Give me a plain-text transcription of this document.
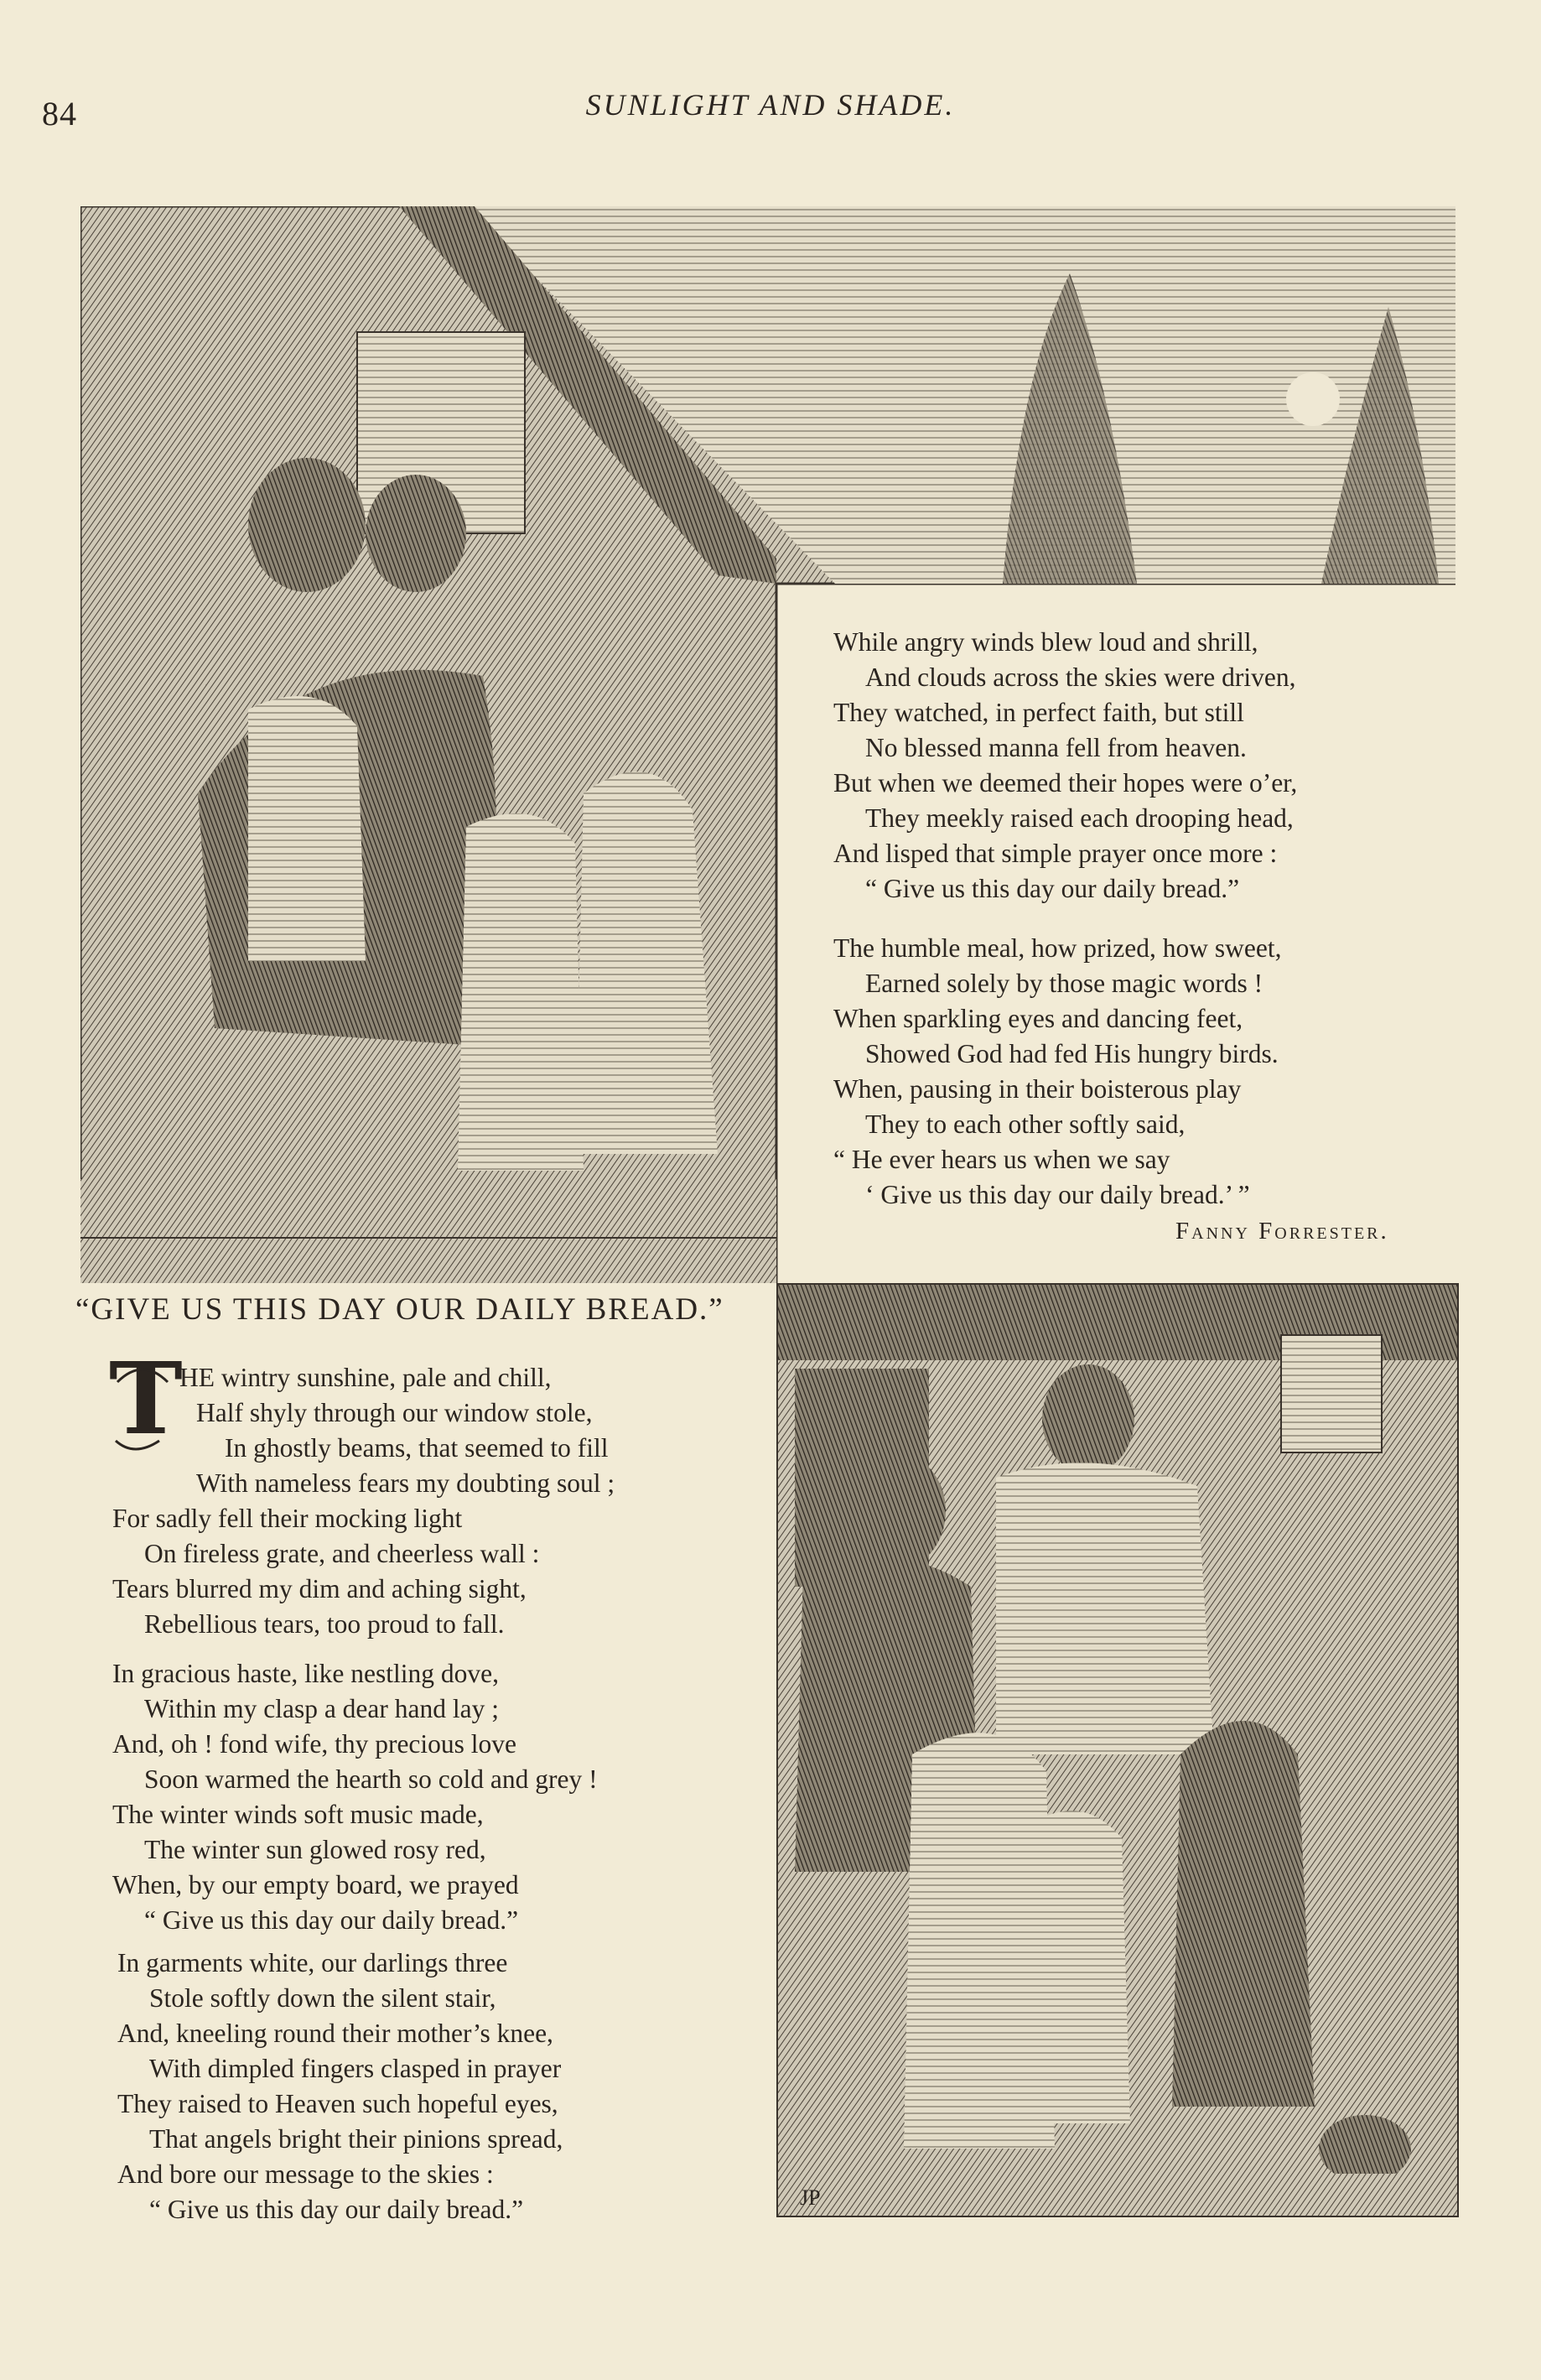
84	SUNLIGHT AND SHADE.
Fanny Forrester.
“GIVE US THIS DAY OUR DAILY BREAD.”
T
HE wintry sunshine, pale and chill,
Half shyly through our window stole,
In ghostly beams, that seemed to fill
With nameless fears my doubting soul ;
For sadly fell their mocking light
On fireless grate, and cheerless wall :
Tears blurred my dim and aching sight,
Rebellious tears, too proud to fall.
In gracious haste, like nestling dove,
Within my clasp a dear hand lay ;
And, oh ! fond wife, thy precious love
Soon warmed the hearth so cold and grey !
The winter winds soft music made,
The winter sun glowed rosy red,
When, by our empty board, we prayed
“ Give us this day our daily bread.”
In garments white, our darlings three
Stole softly down the silent stair,
And, kneeling round their mother’s knee,
With dimpled fingers clasped in prayer
They raised to Heaven such hopeful eyes,
That angels bright their pinions spread,
And bore our message to the skies :
“ Give us this day our daily bread.”
While angry winds blew loud and shrill,
And clouds across the skies were driven,
They watched, in perfect faith, but still
No blessed manna fell from heaven.
But when we deemed their hopes were o’er,
They meekly raised each drooping head,
And lisped that simple prayer once more :
“ Give us this day our daily bread.”
The humble meal, how prized, how sweet,
Earned solely by those magic words !
When sparkling eyes and dancing feet,
Showed God had fed His hungry birds.
When, pausing in their boisterous play
They to each other softly said,
“ He ever hears us when we say
‘ Give us this day our daily bread.’ ”
JP
